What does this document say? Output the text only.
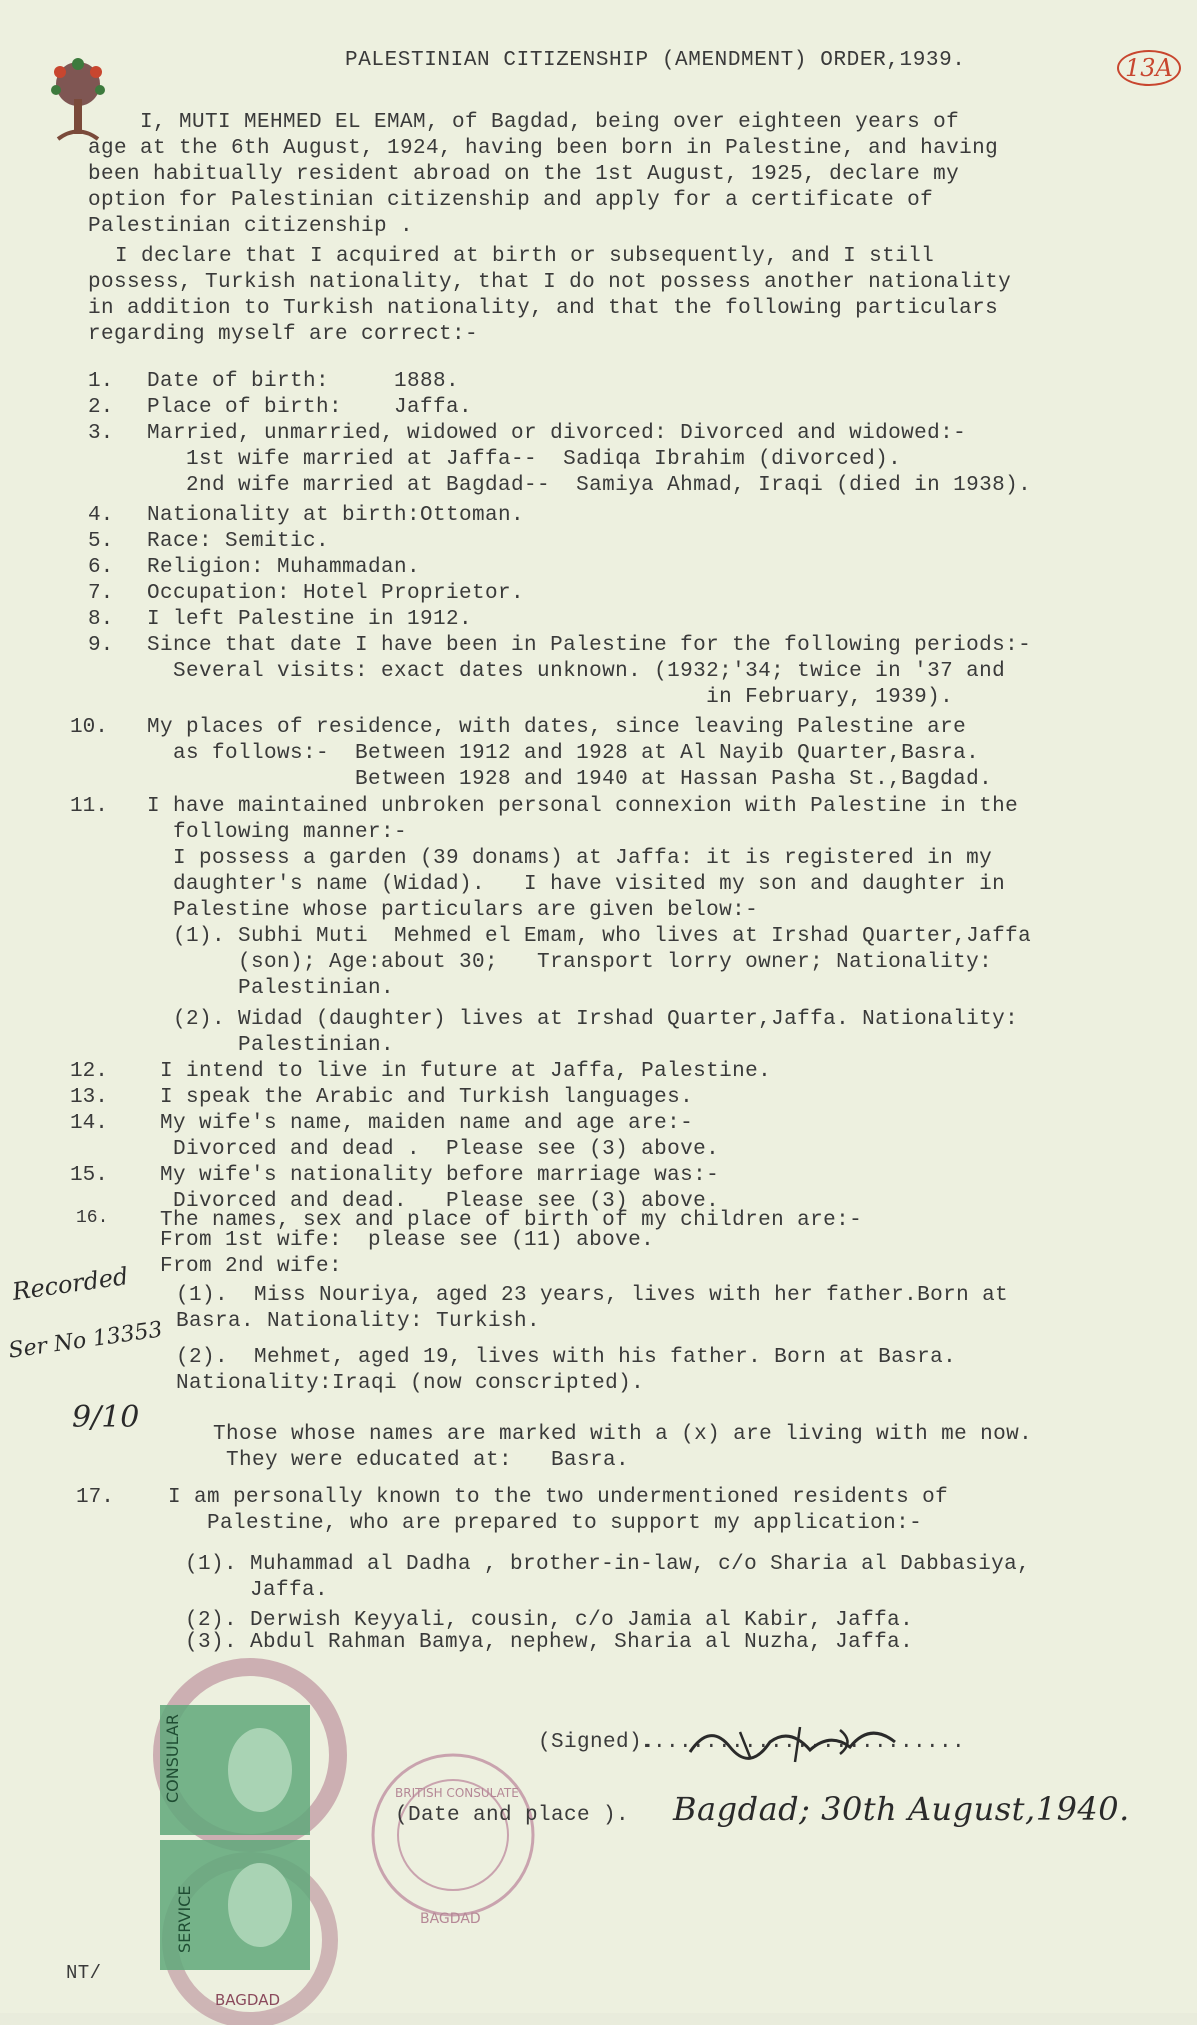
PALESTINIAN CITIZENSHIP (AMENDMENT) ORDER,1939.	13A
I, MUTI MEHMED EL EMAM, of Bagdad, being over eighteen years of
age at the 6th August, 1924, having been born in Palestine, and having
been habitually resident abroad on the 1st August, 1925, declare my
option for Palestinian citizenship and apply for a certificate of
Palestinian citizenship .
I declare that I acquired at birth or subsequently, and I still
possess, Turkish nationality, that I do not possess another nationality
in addition to Turkish nationality, and that the following particulars
regarding myself are correct:-
1. Date of birth:     1888.
2. Place of birth:    Jaffa.
3. Married, unmarried, widowed or divorced: Divorced and widowed:-
1st wife married at Jaffa--  Sadiqa Ibrahim (divorced).
2nd wife married at Bagdad--  Samiya Ahmad, Iraqi (died in 1938).
4. Nationality at birth:Ottoman.
5. Race: Semitic.
6. Religion: Muhammadan.
7. Occupation: Hotel Proprietor.
8. I left Palestine in 1912.
9. Since that date I have been in Palestine for the following periods:-
Several visits: exact dates unknown. (1932;'34; twice in '37 and
in February, 1939).
10. My places of residence, with dates, since leaving Palestine are
as follows:-  Between 1912 and 1928 at Al Nayib Quarter,Basra.
Between 1928 and 1940 at Hassan Pasha St.,Bagdad.
11. I have maintained unbroken personal connexion with Palestine in the
following manner:-
I possess a garden (39 donams) at Jaffa: it is registered in my
daughter's name (Widad).   I have visited my son and daughter in
Palestine whose particulars are given below:-
(1). Subhi Muti  Mehmed el Emam, who lives at Irshad Quarter,Jaffa
(son); Age:about 30;   Transport lorry owner; Nationality:
Palestinian.
(2). Widad (daughter) lives at Irshad Quarter,Jaffa. Nationality:
Palestinian.
12. I intend to live in future at Jaffa, Palestine.
13. I speak the Arabic and Turkish languages.
14. My wife's name, maiden name and age are:-
Divorced and dead .  Please see (3) above.
15. My wife's nationality before marriage was:-
Divorced and dead.   Please see (3) above.
16. The names, sex and place of birth of my children are:-
From 1st wife:  please see (11) above.
From 2nd wife:
(1).  Miss Nouriya, aged 23 years, lives with her father.Born at
Basra. Nationality: Turkish.
(2).  Mehmet, aged 19, lives with his father. Born at Basra.
Nationality:Iraqi (now conscripted).
Those whose names are marked with a (x) are living with me now.
They were educated at:   Basra.
17.	I am personally known to the two undermentioned residents of
Palestine, who are prepared to support my application:-
(1). Muhammad al Dadha , brother-in-law, c/o Sharia al Dabbasiya,
Jaffa.
(2). Derwish Keyyali, cousin, c/o Jamia al Kabir, Jaffa.
(3). Abdul Rahman Bamya, nephew, Sharia al Nuzha, Jaffa.
Recorded
Ser No 13353
9/10
CONSULAR
SERVICE
BAGDAD
BRITISH CONSULATE
BAGDAD
(Signed).
.........................
(Date and place ). Bagdad; 30th August,1940.
NT/
